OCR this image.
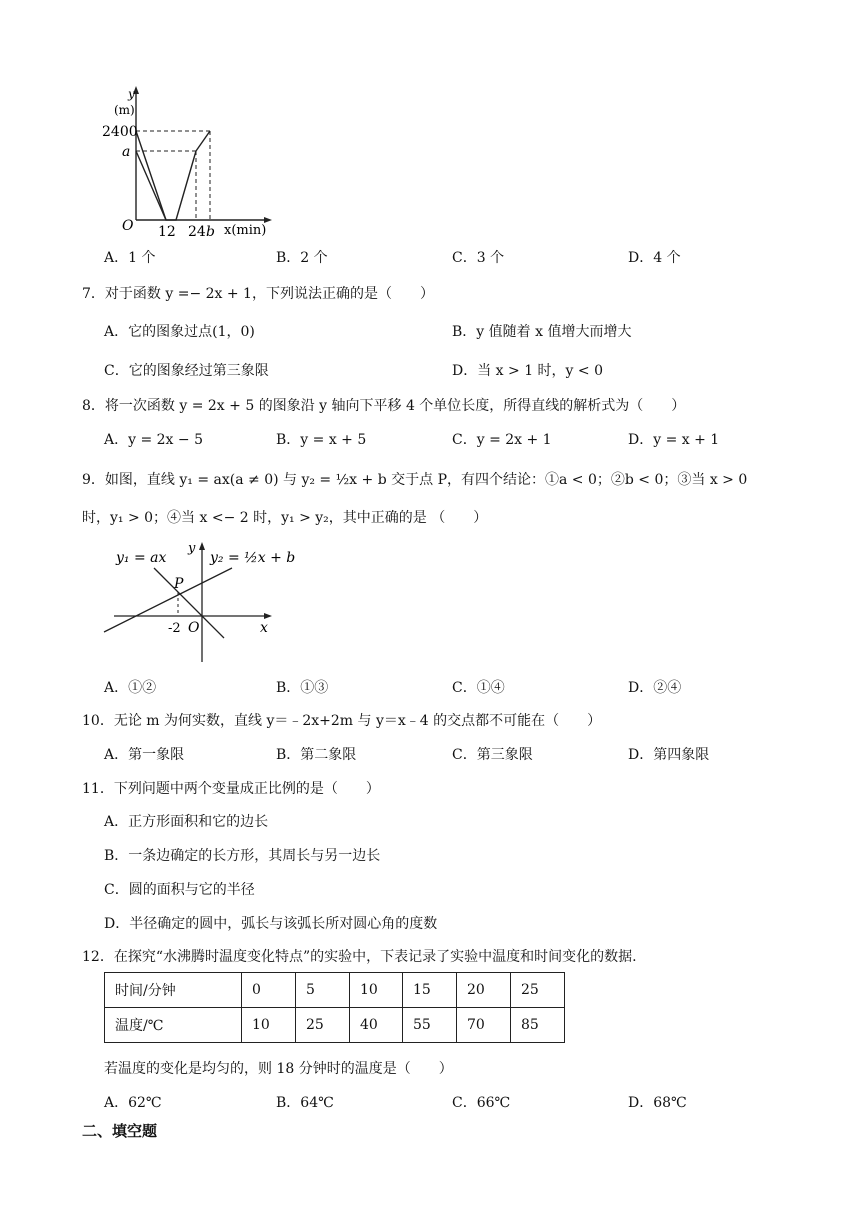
y
(m)
2400
a
O 12 24 b x(min)
A．1 个	B．2 个	C．3 个	D．4 个
7．对于函数 y =− 2x + 1，下列说法正确的是（　　）
A．它的图象过点(1，0)	B．y 值随着 x 值增大而增大
C．它的图象经过第三象限	D．当 x > 1 时，y < 0
8．将一次函数 y = 2x + 5 的图象沿 y 轴向下平移 4 个单位长度，所得直线的解析式为（　　）
A．y = 2x − 5	B．y = x + 5	C．y = 2x + 1	D．y = x + 1
9．如图，直线 y₁ = ax(a ≠ 0) 与 y₂ = ½x + b 交于点 P，有四个结论：①a < 0；②b < 0；③当 x > 0
时，y₁ > 0；④当 x <− 2 时，y₁ > y₂，其中正确的是 （　　）
y₁ = ax
y
y₂ = ½x + b
P
-2 O	x
A．①②	B．①③	C．①④	D．②④
10．无论 m 为何实数，直线 y＝﹣2x+2m 与 y＝x﹣4 的交点都不可能在（　　）
A．第一象限	B．第二象限	C．第三象限	D．第四象限
11．下列问题中两个变量成正比例的是（　　）
A．正方形面积和它的边长
B．一条边确定的长方形，其周长与另一边长
C．圆的面积与它的半径
D．半径确定的圆中，弧长与该弧长所对圆心角的度数
12．在探究“水沸腾时温度变化特点”的实验中，下表记录了实验中温度和时间变化的数据.
时间/分钟	0	5	10	15	20	25
温度/℃	10	25	40	55	70	85
若温度的变化是均匀的，则 18 分钟时的温度是（　　）
A．62℃	B．64℃	C．66℃	D．68℃
二、填空题
